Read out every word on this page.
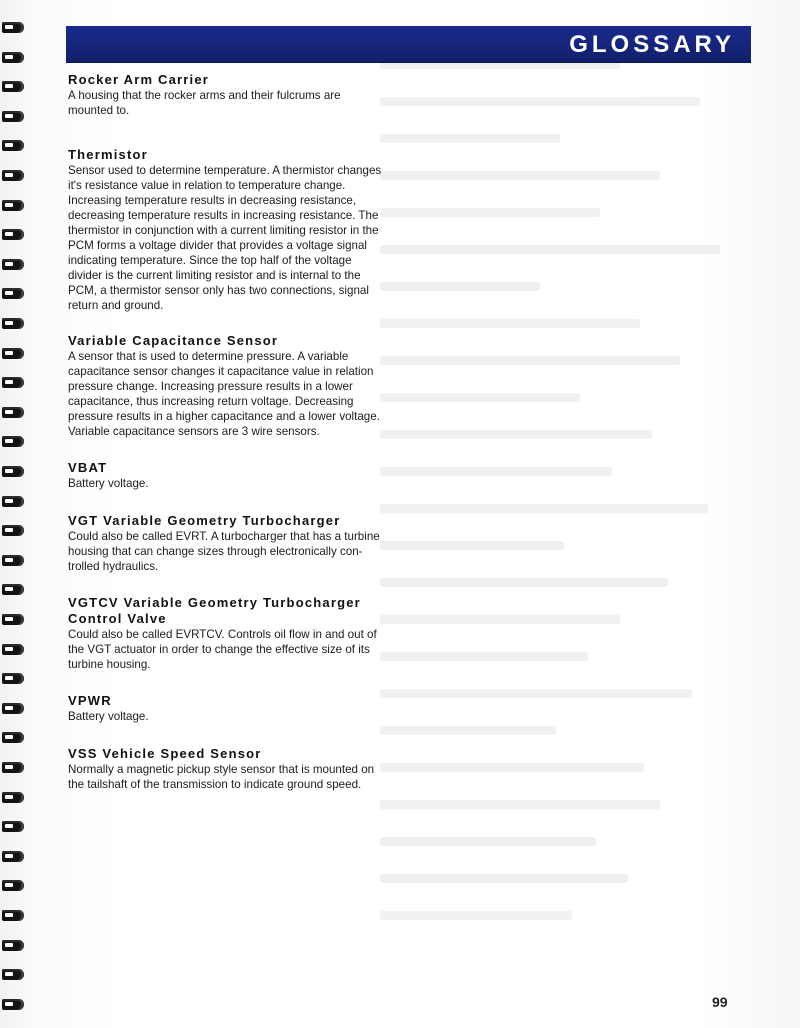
GLOSSARY

Rocker Arm Carrier

A housing that the rocker arms and their fulcrums are
mounted to.

Thermistor

Sensor used to determine temperature. A thermistor changes
it's resistance value in relation to temperature change.
Increasing temperature results in decreasing resistance,
decreasing temperature results in increasing resistance. The
thermistor in conjunction with a current limiting resistor in the
PCM forms a voltage divider that provides a voltage signal
indicating temperature. Since the top half of the voltage
divider is the current limiting resistor and is internal to the
PCM, a thermistor sensor only has two connections, signal
return and ground.

Variable Capacitance Sensor

A sensor that is used to determine pressure. A variable
capacitance sensor changes it capacitance value in relation
pressure change. Increasing pressure results in a lower
capacitance, thus increasing return voltage. Decreasing
pressure results in a higher capacitance and a lower voltage.
Variable capacitance sensors are 3 wire sensors.

VBAT

Battery voltage.

VGT Variable Geometry Turbocharger

Could also be called EVRT. A turbocharger that has a turbine
housing that can change sizes through electronically con-
trolled hydraulics.

VGTCV Variable Geometry Turbocharger
Control Valve

Could also be called EVRTCV. Controls oil flow in and out of
the VGT actuator in order to change the effective size of its
turbine housing.

VPWR

Battery voltage.

VSS Vehicle Speed Sensor

Normally a magnetic pickup style sensor that is mounted on
the tailshaft of the transmission to indicate ground speed.

99
